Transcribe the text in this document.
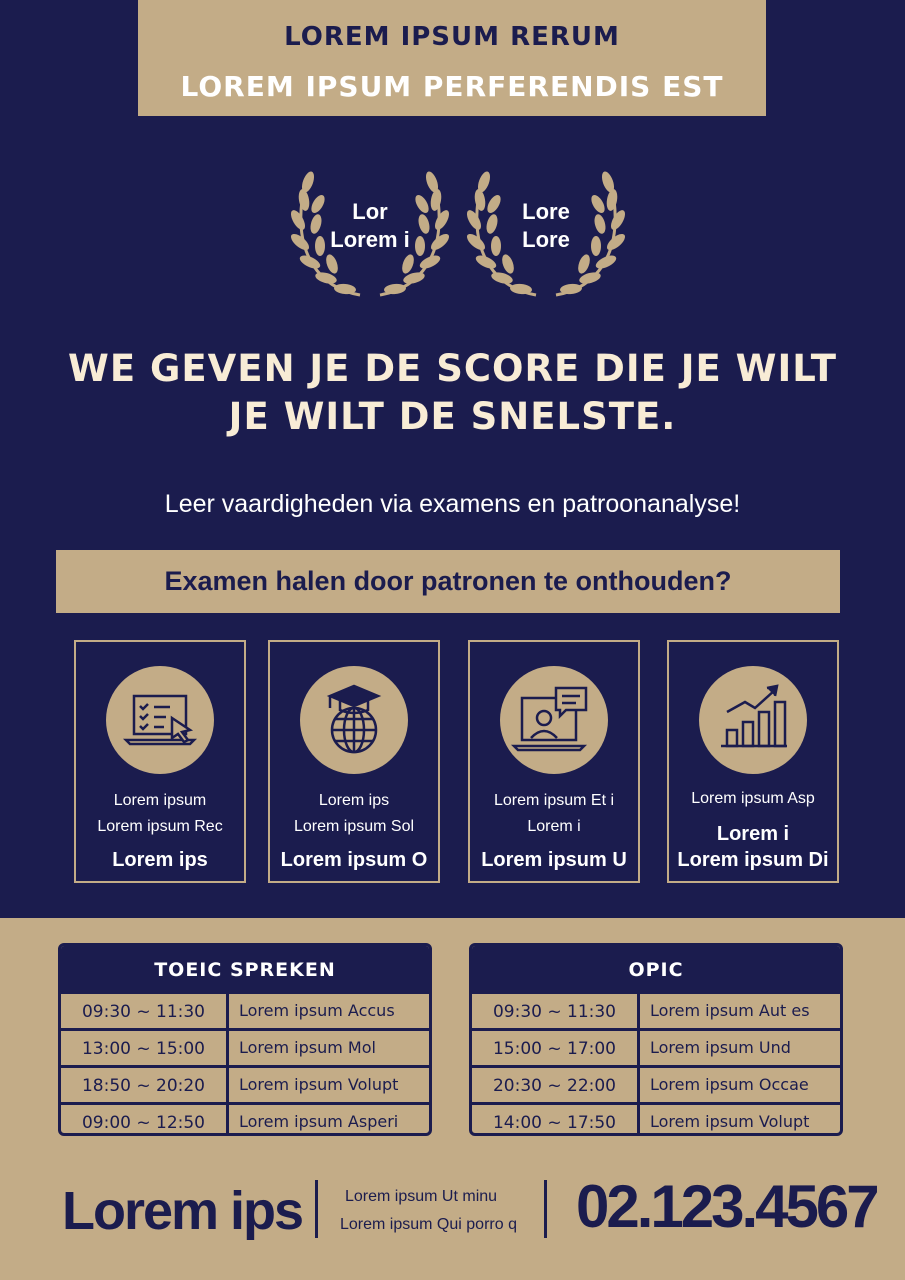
LOREM IPSUM RERUM
LOREM IPSUM PERFERENDIS EST
Lor
Lorem i
Lore
Lore
WE GEVEN JE DE SCORE DIE JE WILT
JE WILT DE SNELSTE.
Leer vaardigheden via examens en patroonanalyse!
Examen halen door patronen te onthouden?
Lorem ipsum
Lorem ipsum Rec
Lorem ips
Lorem ips
Lorem ipsum Sol
Lorem ipsum O
Lorem ipsum Et i
Lorem i
Lorem ipsum U
Lorem ipsum Asp
Lorem i
Lorem ipsum Di
TOEIC SPREKEN
09:30 ~ 11:30	Lorem ipsum Accus
13:00 ~ 15:00	Lorem ipsum Mol
18:50 ~ 20:20	Lorem ipsum Volupt
09:00 ~ 12:50	Lorem ipsum Asperi
OPIC
09:30 ~ 11:30	Lorem ipsum Aut es
15:00 ~ 17:00	Lorem ipsum Und
20:30 ~ 22:00	Lorem ipsum Occae
14:00 ~ 17:50	Lorem ipsum Volupt
Lorem ips	Lorem ipsum Ut minu
Lorem ipsum Qui porro q 02.123.4567
